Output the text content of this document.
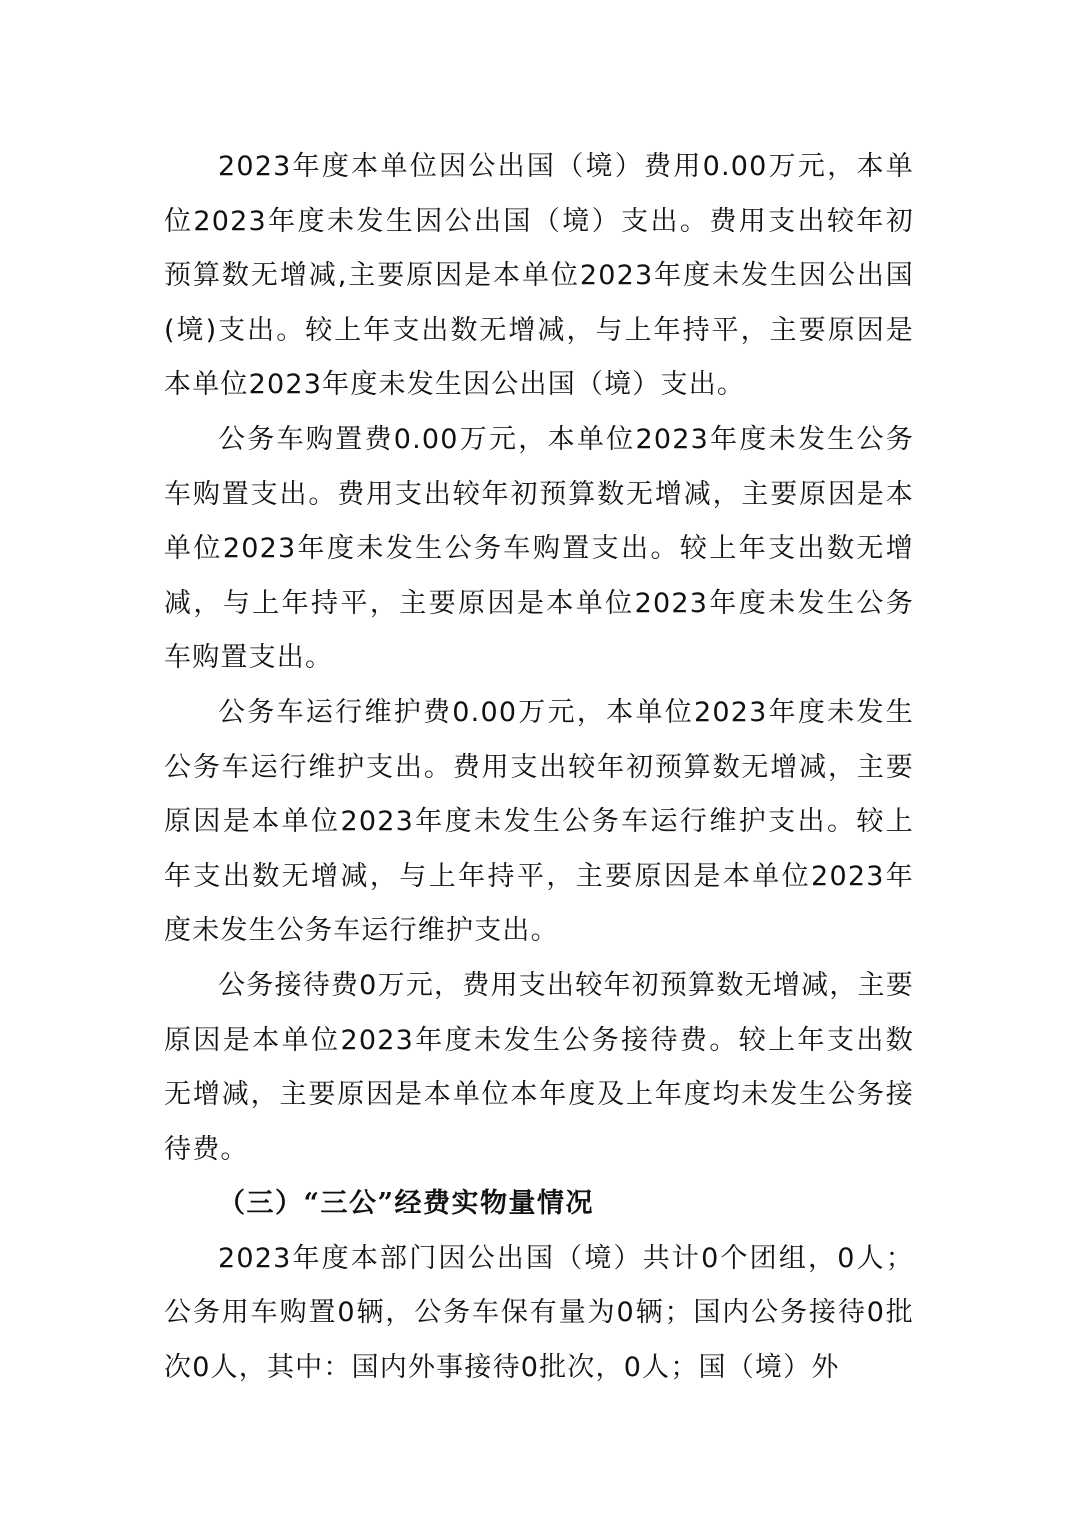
2023年度本单位因公出国（境）费用0.00万元，本单位2023年度未发生因公出国（境）支出。费用支出较年初预算数无增减,主要原因是本单位2023年度未发生因公出国(境)支出。较上年支出数无增减，与上年持平，主要原因是本单位2023年度未发生因公出国（境）支出。

公务车购置费0.00万元，本单位2023年度未发生公务车购置支出。费用支出较年初预算数无增减，主要原因是本单位2023年度未发生公务车购置支出。较上年支出数无增减，与上年持平，主要原因是本单位2023年度未发生公务车购置支出。

公务车运行维护费0.00万元，本单位2023年度未发生公务车运行维护支出。费用支出较年初预算数无增减，主要原因是本单位2023年度未发生公务车运行维护支出。较上年支出数无增减，与上年持平，主要原因是本单位2023年度未发生公务车运行维护支出。

公务接待费0万元，费用支出较年初预算数无增减，主要原因是本单位2023年度未发生公务接待费。较上年支出数无增减，主要原因是本单位本年度及上年度均未发生公务接待费。

（三）“三公”经费实物量情况

2023年度本部门因公出国（境）共计0个团组，0人；公务用车购置0辆，公务车保有量为0辆；国内公务接待0批次0人，其中：国内外事接待0批次，0人；国（境）外
